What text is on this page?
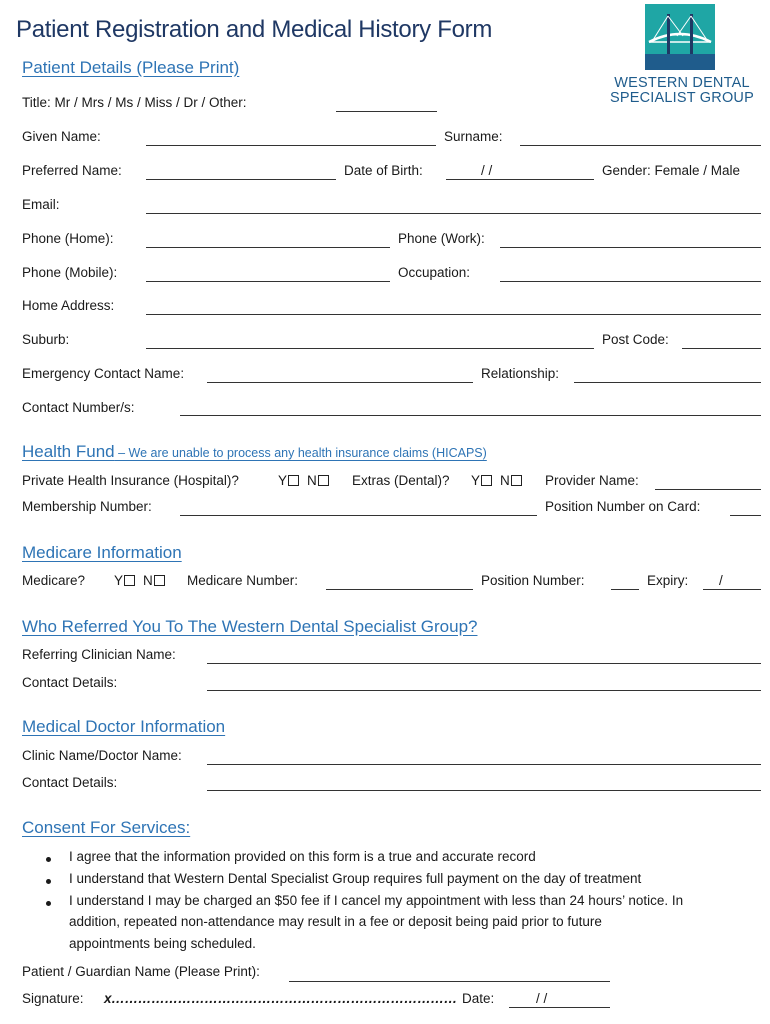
Patient Registration and Medical History Form
WESTERN DENTAL
SPECIALIST GROUP
Patient Details (Please Print)
Title: Mr / Mrs / Ms / Miss / Dr / Other:
Given Name:	Surname:
Preferred Name:	Date of Birth:	/ /	Gender: Female / Male
Email:
Phone (Home):	Phone (Work):
Phone (Mobile):	Occupation:
Home Address:
Suburb:	Post Code:
Emergency Contact Name:	Relationship:
Contact Number/s:
Health Fund – We are unable to process any health insurance claims (HICAPS)
Private Health Insurance (Hospital)?	Y	N	Extras (Dental)? Y	N	Provider Name:
Membership Number:	Position Number on Card:
Medicare Information
Medicare? Y	N	Medicare Number:	Position Number:	Expiry: /
Who Referred You To The Western Dental Specialist Group?
Referring Clinician Name:
Contact Details:
Medical Doctor Information
Clinic Name/Doctor Name:
Contact Details:
Consent For Services:
I agree that the information provided on this form is a true and accurate record
I understand that Western Dental Specialist Group requires full payment on the day of treatment
I understand I may be charged an $50 fee if I cancel my appointment with less than 24 hours’ notice. In
addition, repeated non-attendance may result in a fee or deposit being paid prior to future
appointments being scheduled.
Patient / Guardian Name (Please Print):
Signature: x…………………………………………………………………… Date:	/ /
